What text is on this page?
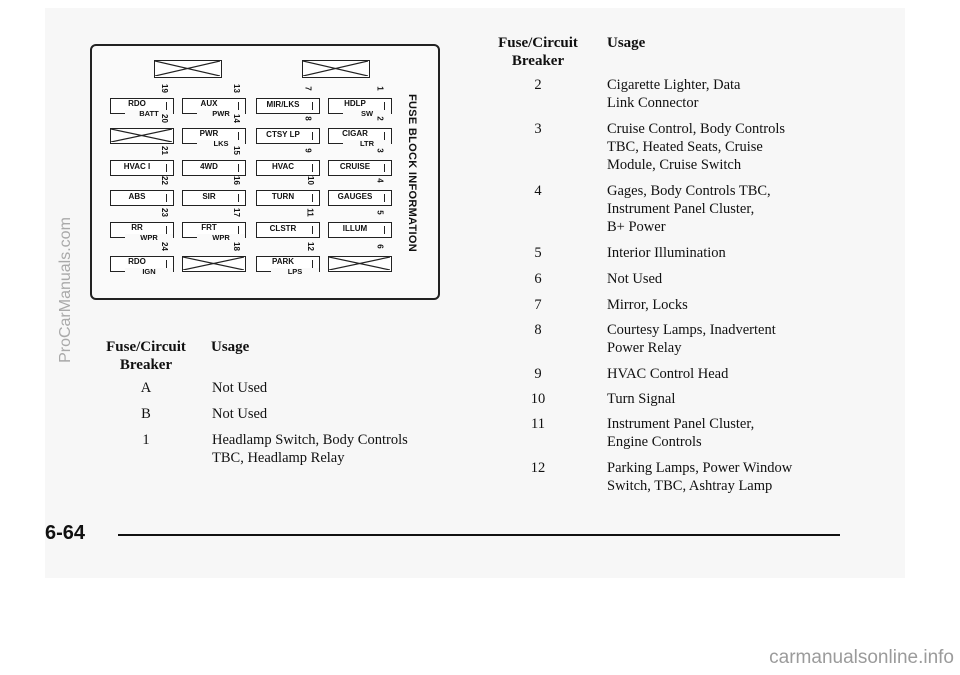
FUSE BLOCK INFORMATION
19
RDO
BATT
13
AUX
PWR
7
MIR/LKS
1
HDLP
SW
20	14
PWR
LKS
8
CTSY LP
2
CIGAR
LTR
21
HVAC I
15
4WD
9
HVAC
3
CRUISE
22
ABS
16
SIR
10
TURN
4
GAUGES
23
RR
WPR
17
FRT
WPR
11
CLSTR
5
ILLUM
24
RDO
IGN
18	12
PARK
LPS
6
Fuse/Circuit
Breaker
Usage
A	Not Used
B	Not Used
1	Headlamp Switch, Body Controls
TBC, Headlamp Relay
Fuse/Circuit
Breaker
Usage
2	Cigarette Lighter, Data
Link Connector
3	Cruise Control, Body Controls
TBC, Heated Seats, Cruise
Module, Cruise Switch
4	Gages, Body Controls TBC,
Instrument Panel Cluster,
B+ Power
5	Interior Illumination
6	Not Used
7	Mirror, Locks
8	Courtesy Lamps, Inadvertent
Power Relay
9	HVAC Control Head
10	Turn Signal
11	Instrument Panel Cluster,
Engine Controls
12	Parking Lamps, Power Window
Switch, TBC, Ashtray Lamp
6-64
ProCarManuals.com
carmanualsonline.info
